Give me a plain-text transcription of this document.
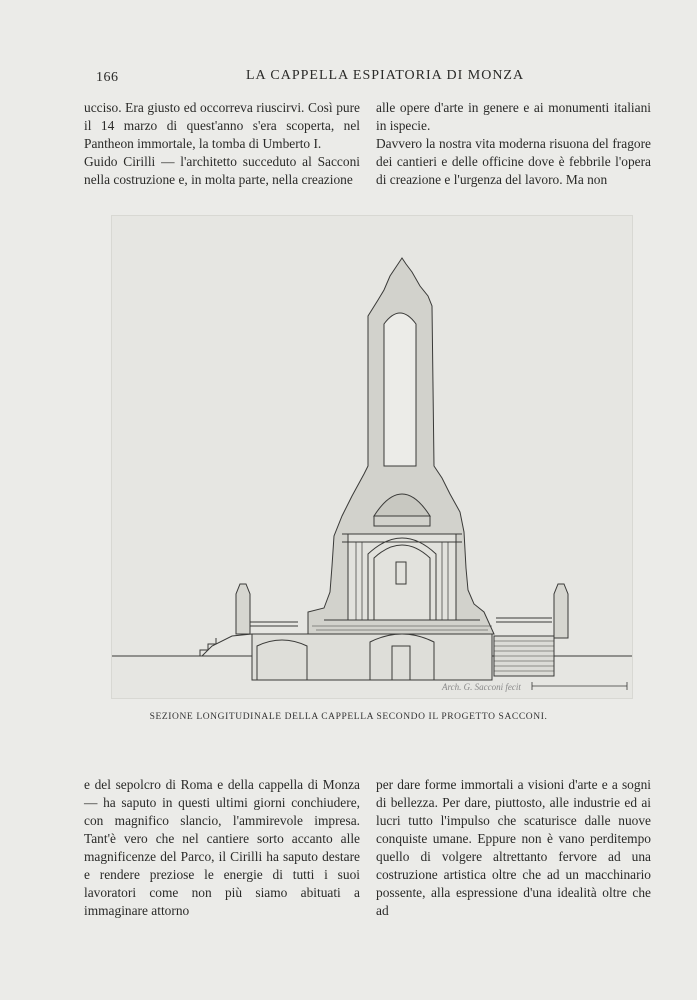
166	LA CAPPELLA ESPIATORIA DI MONZA

ucciso. Era giusto ed occorreva riuscirvi. Così pure il 14 marzo di quest'anno s'era scoperta, nel Pantheon immortale, la tomba di Umberto I.

Guido Cirilli — l'architetto succeduto al Sacconi nella costruzione e, in molta parte, nella creazione

alle opere d'arte in genere e ai monumenti italiani in ispecie.

Davvero la nostra vita moderna risuona del fragore dei cantieri e delle officine dove è febbrile l'opera di creazione e l'urgenza del lavoro. Ma non

Arch. G. Sacconi fecit
SEZIONE LONGITUDINALE DELLA CAPPELLA SECONDO IL PROGETTO SACCONI.

e del sepolcro di Roma e della cappella di Monza — ha saputo in questi ultimi giorni conchiudere, con magnifico slancio, l'ammirevole impresa. Tant'è vero che nel cantiere sorto accanto alle magnificenze del Parco, il Cirilli ha saputo destare e rendere preziose le energie di tutti i suoi lavoratori come non più siamo abituati a immaginare attorno

per dare forme immortali a visioni d'arte e a sogni di bellezza. Per dare, piuttosto, alle industrie ed ai lucri tutto l'impulso che scaturisce dalle nuove conquiste umane. Eppure non è vano perditempo quello di volgere altrettanto fervore ad una costruzione artistica oltre che ad un macchinario possente, alla espressione d'una idealità oltre che ad
